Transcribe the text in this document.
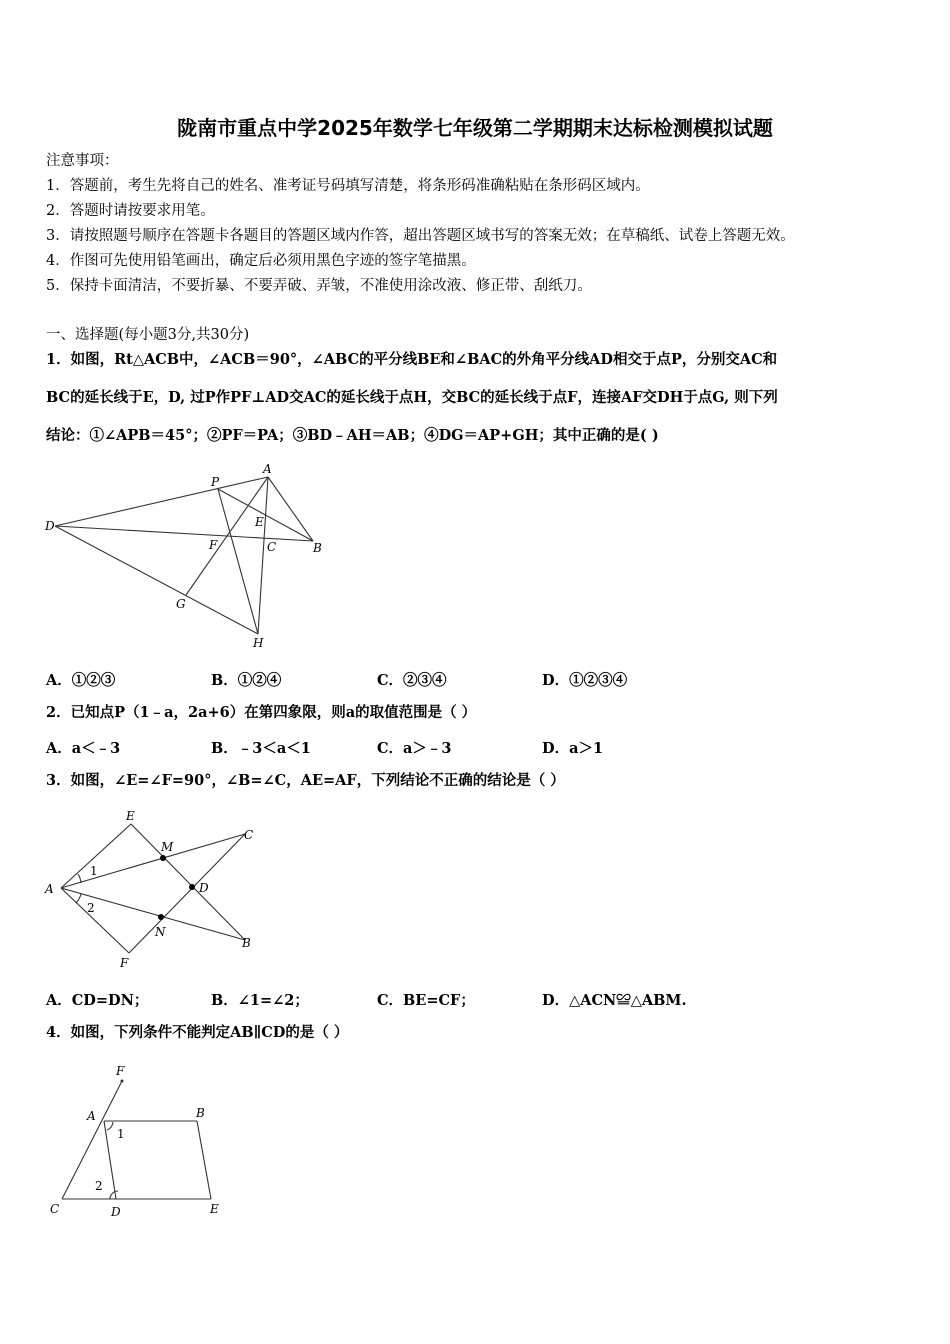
陇南市重点中学2025年数学七年级第二学期期末达标检测模拟试题
注意事项：
1．答题前，考生先将自己的姓名、准考证号码填写清楚，将条形码准确粘贴在条形码区域内。
2．答题时请按要求用笔。
3．请按照题号顺序在答题卡各题目的答题区域内作答，超出答题区域书写的答案无效；在草稿纸、试卷上答题无效。
4．作图可先使用铅笔画出，确定后必须用黑色字迹的签字笔描黑。
5．保持卡面清洁，不要折暴、不要弄破、弄皱，不准使用涂改液、修正带、刮纸刀。
一、选择题(每小题3分,共30分)
1．如图，Rt△ACB中，∠ACB＝90°，∠ABC的平分线BE和∠BAC的外角平分线AD相交于点P，分别交AC和
BC的延长线于E，D, 过P作PF⊥AD交AC的延长线于点H，交BC的延长线于点F，连接AF交DH于点G, 则下列
结论：①∠APB＝45°；②PF＝PA；③BD﹣AH＝AB；④DG＝AP+GH；其中正确的是( )
A
P
D	E
F	C	B
G
H
A．①②③	B．①②④	C．②③④	D．①②③④
2．已知点P（1﹣a，2a+6）在第四象限，则a的取值范围是（ ）
A．a＜﹣3	B．﹣3＜a＜1	C．a＞﹣3	D．a＞1
3．如图，∠E=∠F=90°，∠B=∠C，AE=AF，下列结论不正确的结论是（ ）
E
M
C
A
1
2
D
N
B
F
A．CD=DN；	B．∠1=∠2；	C．BE=CF；	D．△ACN≌△ABM.
4．如图，下列条件不能判定AB∥CD的是（ ）
F
A	B
1
2
C	D	E
